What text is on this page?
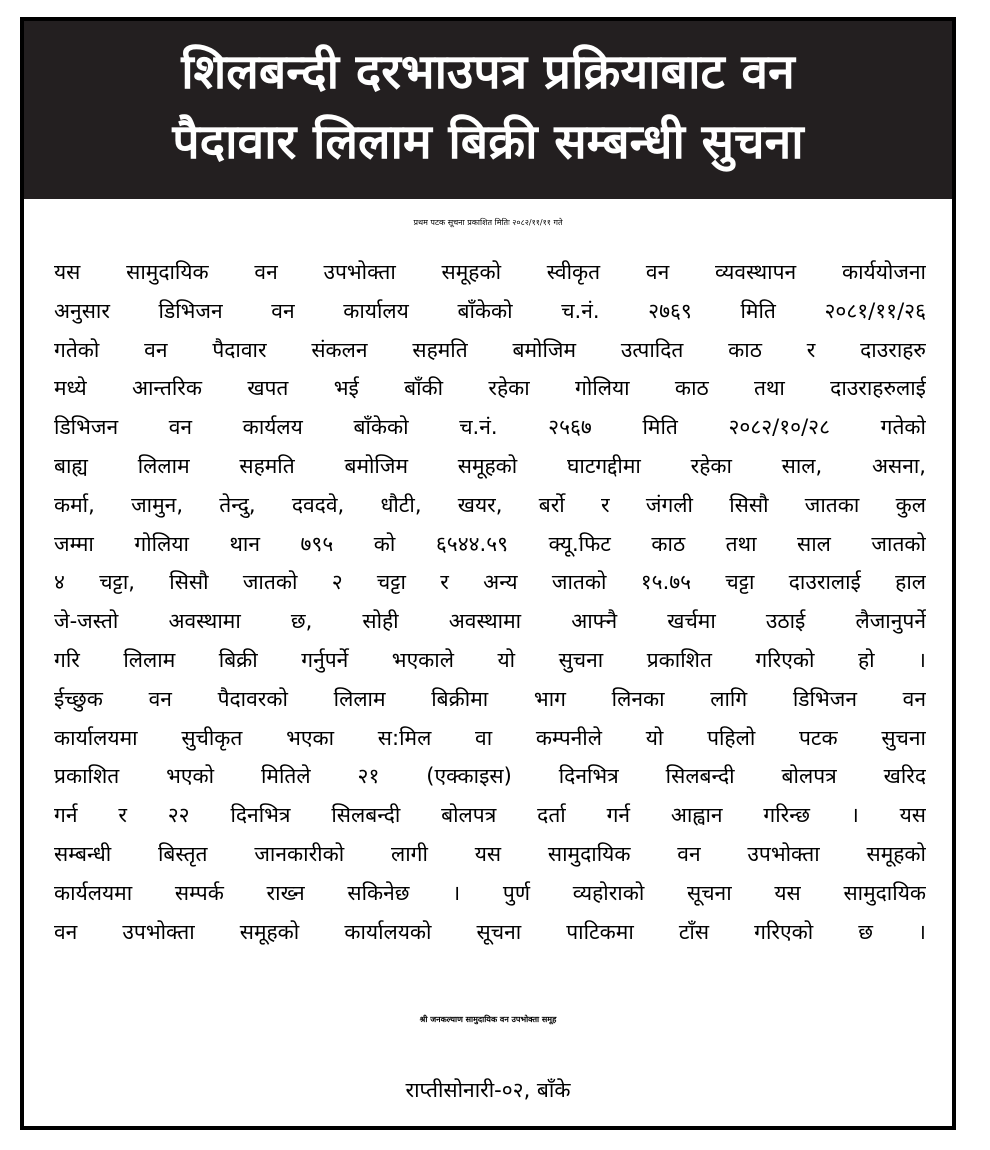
शिलबन्दी दरभाउपत्र प्रक्रियाबाट वन
पैदावार लिलाम बिक्री सम्बन्धी सुचना
प्रथम पटक सूचना प्रकाशित मितिः २०८२/११/११ गते
यस सामुदायिक वन उपभोक्ता समूहको स्वीकृत वन व्यवस्थापन कार्ययोजना
अनुसार डिभिजन वन कार्यालय बाँकेको च.नं. २७६९ मिति २०८१/११/२६
गतेको वन पैदावार संकलन सहमति बमोजिम उत्पादित काठ र दाउराहरु
मध्ये आन्तरिक खपत भई बाँकी रहेका गोलिया काठ तथा दाउराहरुलाई
डिभिजन वन कार्यलय बाँकेको च.नं. २५६७ मिति २०८२/१०/२८ गतेको
बाह्य लिलाम सहमति बमोजिम समूहको घाटगद्दीमा रहेका साल, असना,
कर्मा, जामुन, तेन्दु, दवदवे, धौटी, खयर, बर्रो र जंगली सिसौ जातका कुल
जम्मा गोलिया थान ७९५ को ६५४४.५९ क्यू.फिट काठ तथा साल जातको
४ चट्टा, सिसौ जातको २ चट्टा र अन्य जातको १५.७५ चट्टा दाउरालाई हाल
जे-जस्तो अवस्थामा छ, सोही अवस्थामा आफ्नै खर्चमा उठाई लैजानुपर्ने
गरि लिलाम बिक्री गर्नुपर्ने भएकाले यो सुचना प्रकाशित गरिएको हो ।
ईच्छुक वन पैदावरको लिलाम बिक्रीमा भाग लिनका लागि डिभिजन वन
कार्यालयमा सुचीकृत भएका स:मिल वा कम्पनीले यो पहिलो पटक सुचना
प्रकाशित भएको मितिले २१ (एक्काइस) दिनभित्र सिलबन्दी बोलपत्र खरिद
गर्न र २२ दिनभित्र सिलबन्दी बोलपत्र दर्ता गर्न आह्वान गरिन्छ । यस
सम्बन्धी बिस्तृत जानकारीको लागी यस सामुदायिक वन उपभोक्ता समूहको
कार्यलयमा सम्पर्क राख्न सकिनेछ । पुर्ण व्यहोराको सूचना यस सामुदायिक
वन उपभोक्ता समूहको कार्यालयको सूचना पाटिकमा टाँस गरिएको छ ।
श्री जनकल्याण सामुदायिक वन उपभोक्ता समूह
राप्तीसोनारी-०२, बाँके
